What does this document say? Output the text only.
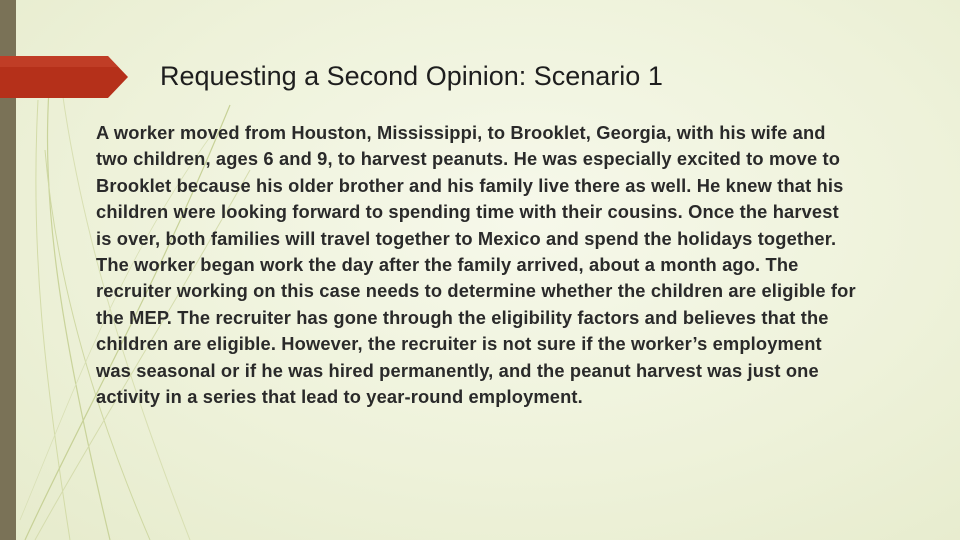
Requesting a Second Opinion: Scenario 1

A worker moved from Houston, Mississippi, to Brooklet, Georgia, with his wife and two children, ages 6 and 9, to harvest peanuts. He was especially excited to move to Brooklet because his older brother and his family live there as well. He knew that his children were looking forward to spending time with their cousins. Once the harvest is over, both families will travel together to Mexico and spend the holidays together. The worker began work the day after the family arrived, about a month ago. The recruiter working on this case needs to determine whether the children are eligible for the MEP. The recruiter has gone through the eligibility factors and believes that the children are eligible. However, the recruiter is not sure if the worker’s employment was seasonal or if he was hired permanently, and the peanut harvest was just one activity in a series that lead to year-round employment.
